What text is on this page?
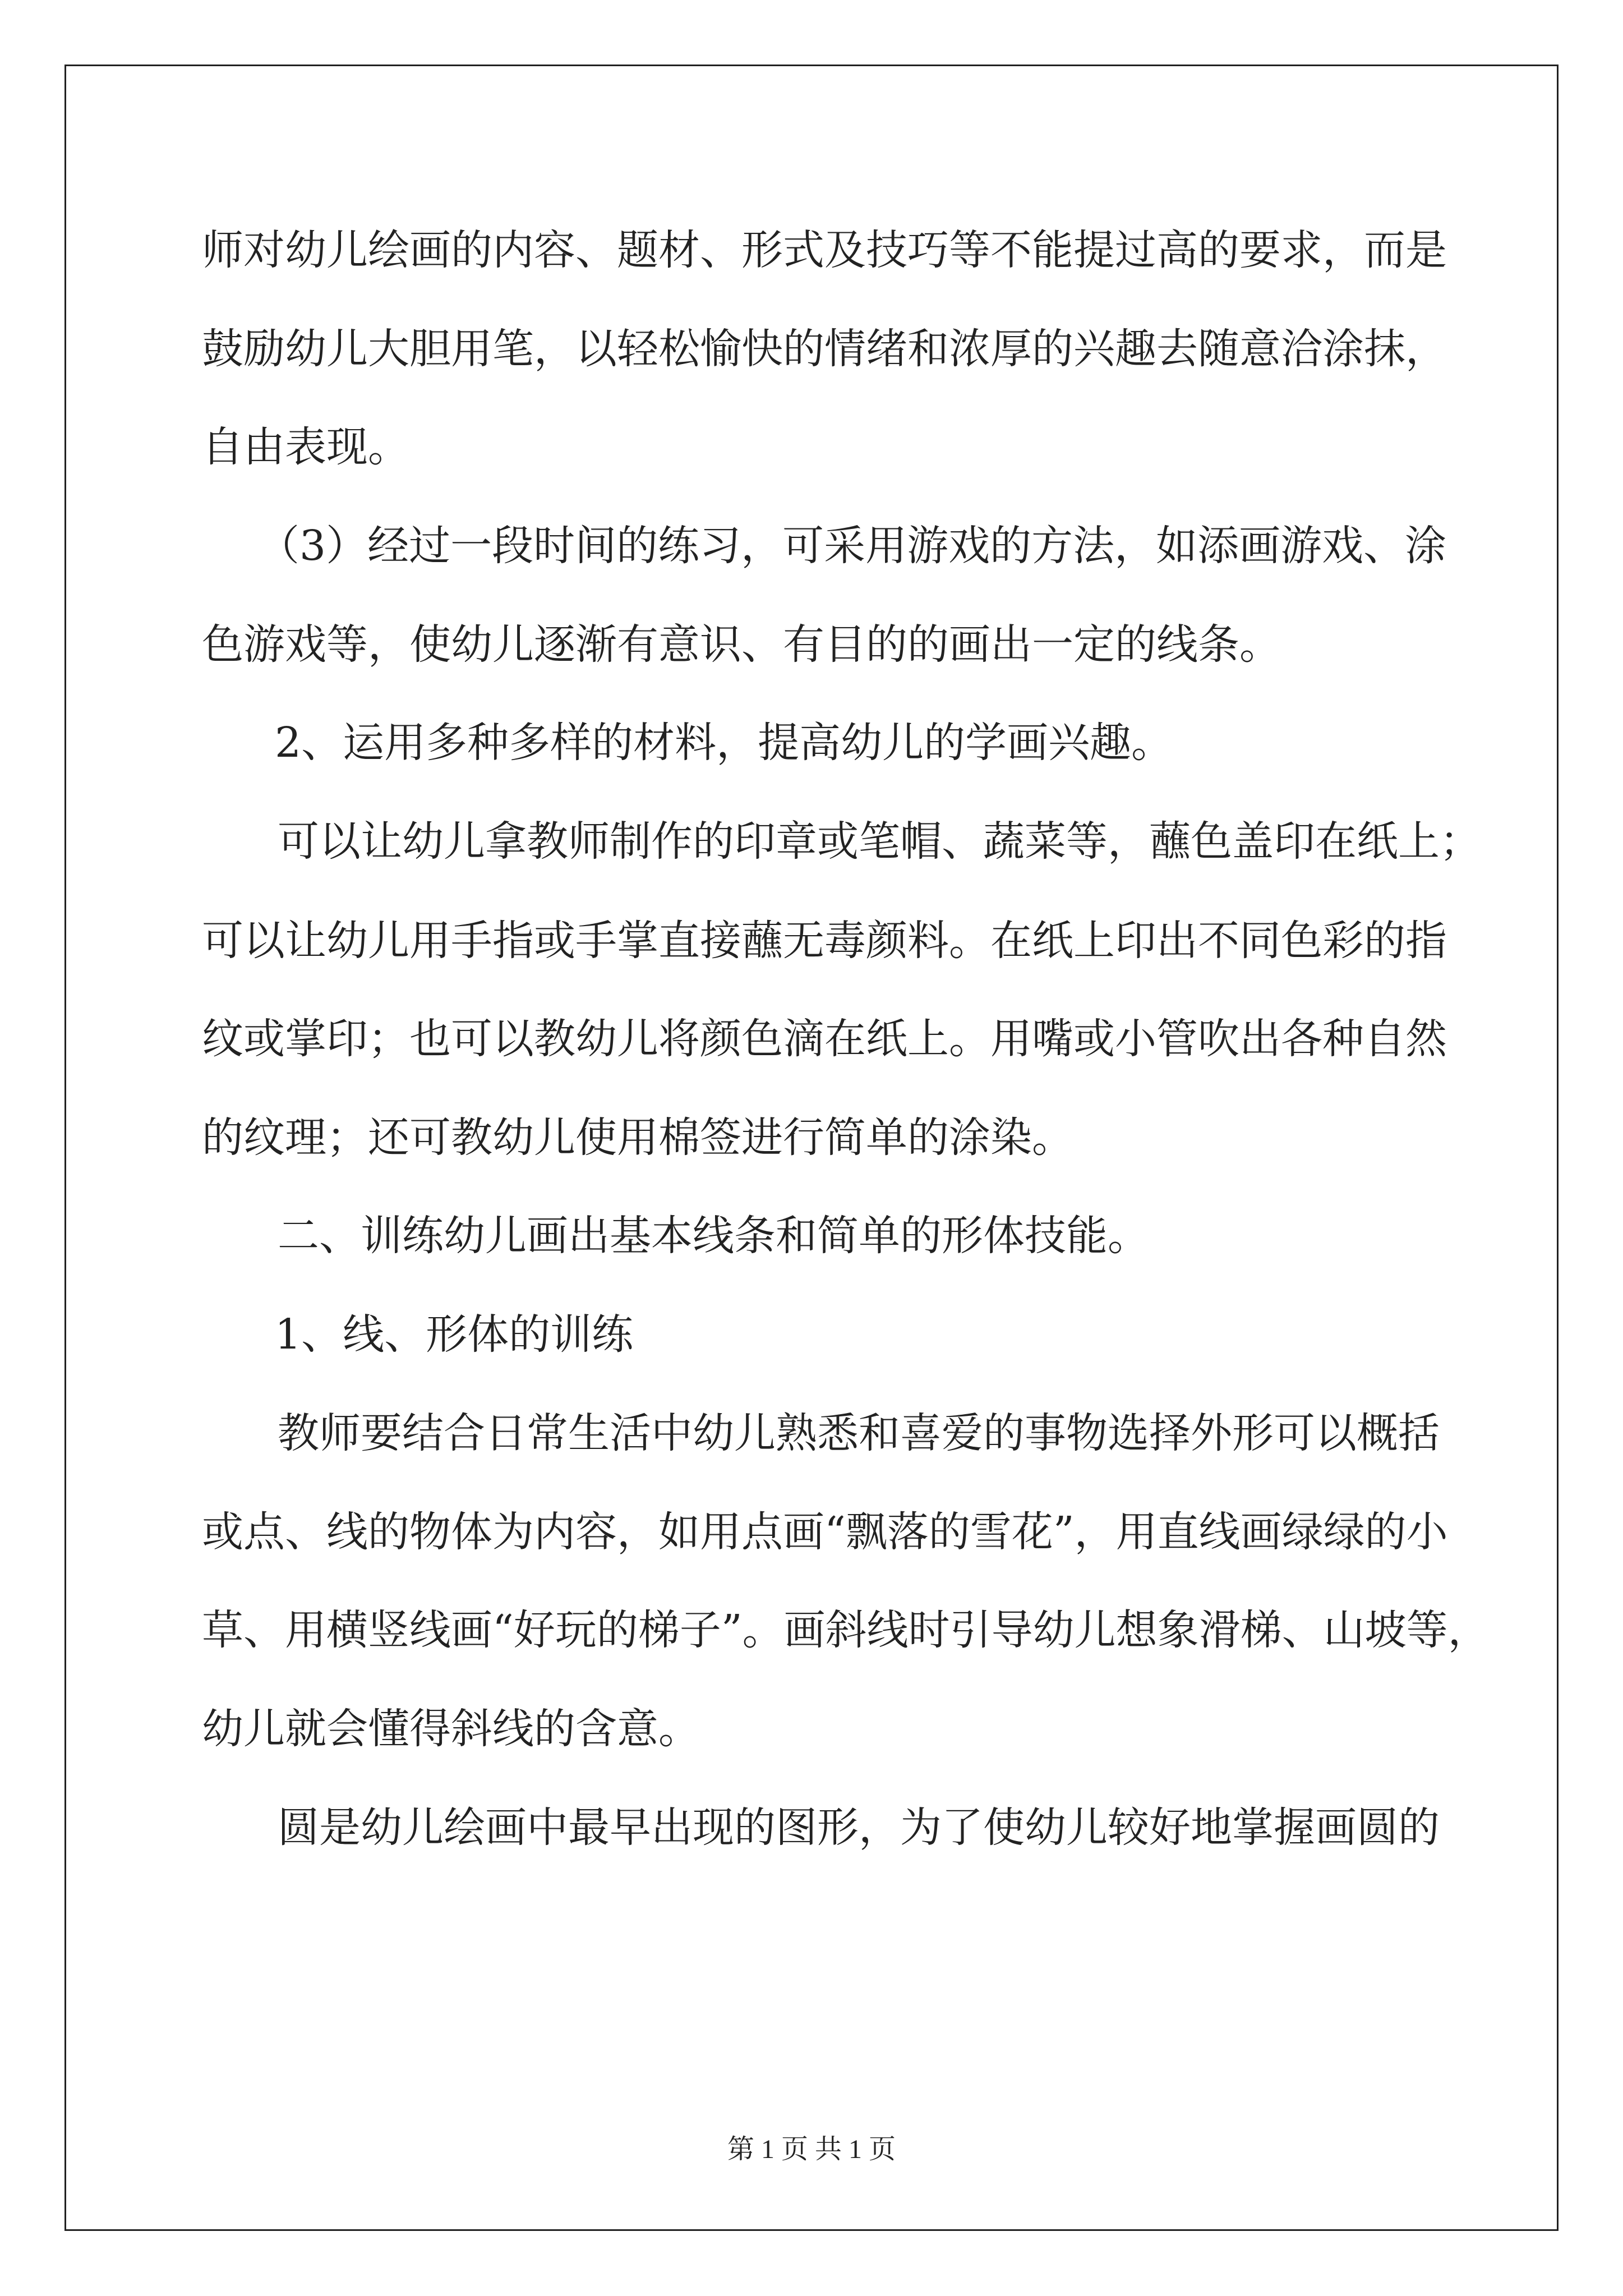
师对幼儿绘画的内容、题材、形式及技巧等不能提过高的要求，而是
鼓励幼儿大胆用笔，以轻松愉快的情绪和浓厚的兴趣去随意洽涂抹，
自由表现。
（3）经过一段时间的练习，可采用游戏的方法，如添画游戏、涂
色游戏等，使幼儿逐渐有意识、有目的的画出一定的线条。
2、运用多种多样的材料，提高幼儿的学画兴趣。
可以让幼儿拿教师制作的印章或笔帽、蔬菜等，蘸色盖印在纸上；
可以让幼儿用手指或手掌直接蘸无毒颜料。在纸上印出不同色彩的指
纹或掌印；也可以教幼儿将颜色滴在纸上。用嘴或小管吹出各种自然
的纹理；还可教幼儿使用棉签进行简单的涂染。
二、训练幼儿画出基本线条和简单的形体技能。
1、线、形体的训练
教师要结合日常生活中幼儿熟悉和喜爱的事物选择外形可以概括
或点、线的物体为内容，如用点画“飘落的雪花”，用直线画绿绿的小
草、用横竖线画“好玩的梯子”。画斜线时引导幼儿想象滑梯、山坡等，
幼儿就会懂得斜线的含意。
圆是幼儿绘画中最早出现的图形，为了使幼儿较好地掌握画圆的
第 1 页 共 1 页
